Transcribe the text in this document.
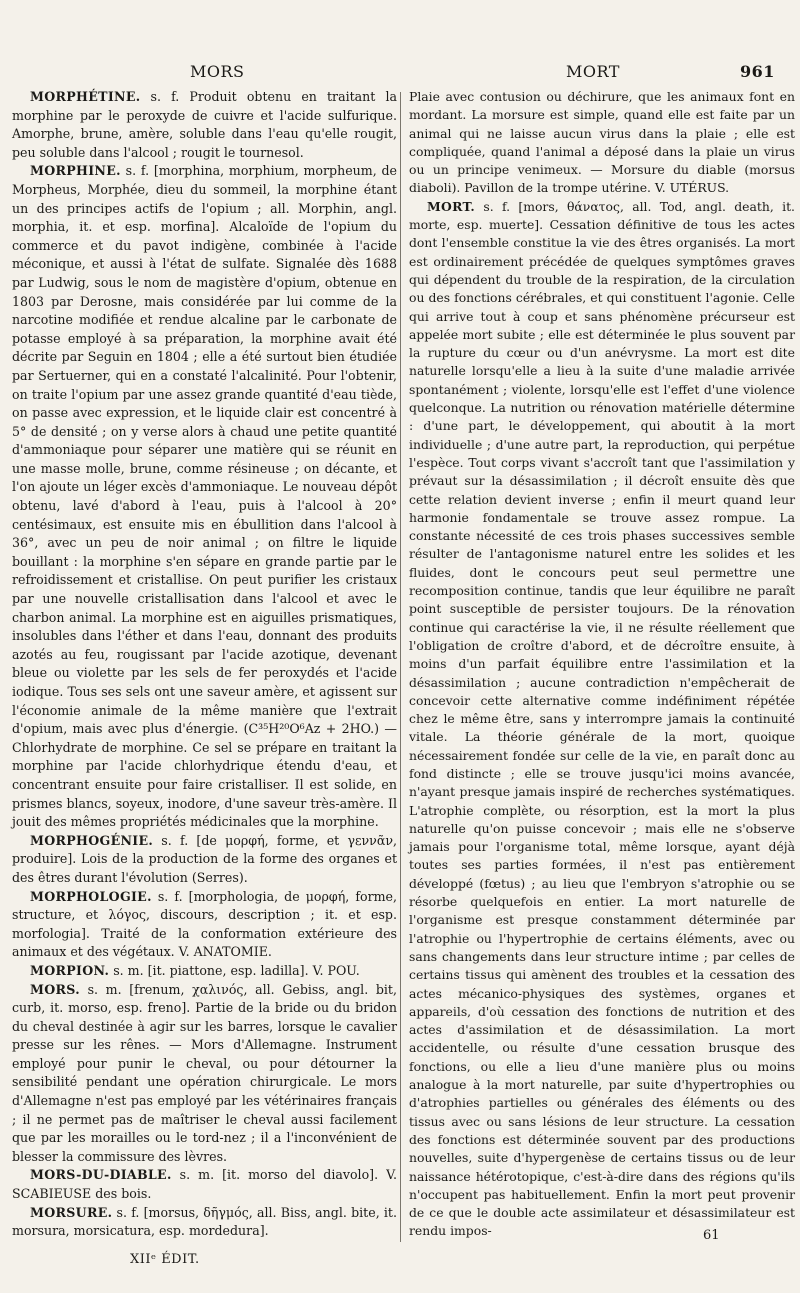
MORS	MORT	961

MORPHÉTINE. s. f. Produit obtenu en traitant la morphine par le peroxyde de cuivre et l'acide sulfurique. Amorphe, brune, amère, soluble dans l'eau qu'elle rougit, peu soluble dans l'alcool ; rougit le tournesol.

MORPHINE. s. f. [morphina, morphium, morpheum, de Morpheus, Morphée, dieu du sommeil, la morphine étant un des principes actifs de l'opium ; all. Morphin, angl. morphia, it. et esp. morfina]. Alcaloïde de l'opium du commerce et du pavot indigène, combinée à l'acide méconique, et aussi à l'état de sulfate. Signalée dès 1688 par Ludwig, sous le nom de magistère d'opium, obtenue en 1803 par Derosne, mais considérée par lui comme de la narcotine modifiée et rendue alcaline par le carbonate de potasse employé à sa préparation, la morphine avait été décrite par Seguin en 1804 ; elle a été surtout bien étudiée par Sertuerner, qui en a constaté l'alcalinité. Pour l'obtenir, on traite l'opium par une assez grande quantité d'eau tiède, on passe avec expression, et le liquide clair est concentré à 5° de densité ; on y verse alors à chaud une petite quantité d'ammoniaque pour séparer une matière qui se réunit en une masse molle, brune, comme résineuse ; on décante, et l'on ajoute un léger excès d'ammoniaque. Le nouveau dépôt obtenu, lavé d'abord à l'eau, puis à l'alcool à 20° centésimaux, est ensuite mis en ébullition dans l'alcool à 36°, avec un peu de noir animal ; on filtre le liquide bouillant : la morphine s'en sépare en grande partie par le refroidissement et cristallise. On peut purifier les cristaux par une nouvelle cristallisation dans l'alcool et avec le charbon animal. La morphine est en aiguilles prismatiques, insolubles dans l'éther et dans l'eau, donnant des produits azotés au feu, rougissant par l'acide azotique, devenant bleue ou violette par les sels de fer peroxydés et l'acide iodique. Tous ses sels ont une saveur amère, et agissent sur l'économie animale de la même manière que l'extrait d'opium, mais avec plus d'énergie. (C³⁵H²⁰O⁶Az + 2HO.) — Chlorhydrate de morphine. Ce sel se prépare en traitant la morphine par l'acide chlorhydrique étendu d'eau, et concentrant ensuite pour faire cristalliser. Il est solide, en prismes blancs, soyeux, inodore, d'une saveur très-amère. Il jouit des mêmes propriétés médicinales que la morphine.

MORPHOGÉNIE. s. f. [de μορφή, forme, et γεννᾶν, produire]. Lois de la production de la forme des organes et des êtres durant l'évolution (Serres).

MORPHOLOGIE. s. f. [morphologia, de μορφή, forme, structure, et λόγος, discours, description ; it. et esp. morfologia]. Traité de la conformation extérieure des animaux et des végétaux. V. ANATOMIE.

MORPION. s. m. [it. piattone, esp. ladilla]. V. POU.

MORS. s. m. [frenum, χαλινός, all. Gebiss, angl. bit, curb, it. morso, esp. freno]. Partie de la bride ou du bridon du cheval destinée à agir sur les barres, lorsque le cavalier presse sur les rênes. — Mors d'Allemagne. Instrument employé pour punir le cheval, ou pour détourner la sensibilité pendant une opération chirurgicale. Le mors d'Allemagne n'est pas employé par les vétérinaires français ; il ne permet pas de maîtriser le cheval aussi facilement que par les morailles ou le tord-nez ; il a l'inconvénient de blesser la commissure des lèvres.

MORS-DU-DIABLE. s. m. [it. morso del diavolo]. V. SCABIEUSE des bois.

MORSURE. s. f. [morsus, δῆγμός, all. Biss, angl. bite, it. morsura, morsicatura, esp. mordedura].

Plaie avec contusion ou déchirure, que les animaux font en mordant. La morsure est simple, quand elle est faite par un animal qui ne laisse aucun virus dans la plaie ; elle est compliquée, quand l'animal a déposé dans la plaie un virus ou un principe venimeux. — Morsure du diable (morsus diaboli). Pavillon de la trompe utérine. V. UTÉRUS.

MORT. s. f. [mors, θάνατος, all. Tod, angl. death, it. morte, esp. muerte]. Cessation définitive de tous les actes dont l'ensemble constitue la vie des êtres organisés. La mort est ordinairement précédée de quelques symptômes graves qui dépendent du trouble de la respiration, de la circulation ou des fonctions cérébrales, et qui constituent l'agonie. Celle qui arrive tout à coup et sans phénomène précurseur est appelée mort subite ; elle est déterminée le plus souvent par la rupture du cœur ou d'un anévrysme. La mort est dite naturelle lorsqu'elle a lieu à la suite d'une maladie arrivée spontanément ; violente, lorsqu'elle est l'effet d'une violence quelconque. La nutrition ou rénovation matérielle détermine : d'une part, le développement, qui aboutit à la mort individuelle ; d'une autre part, la reproduction, qui perpétue l'espèce. Tout corps vivant s'accroît tant que l'assimilation y prévaut sur la désassimilation ; il décroît ensuite dès que cette relation devient inverse ; enfin il meurt quand leur harmonie fondamentale se trouve assez rompue. La constante nécessité de ces trois phases successives semble résulter de l'antagonisme naturel entre les solides et les fluides, dont le concours peut seul permettre une recomposition continue, tandis que leur équilibre ne paraît point susceptible de persister toujours. De la rénovation continue qui caractérise la vie, il ne résulte réellement que l'obligation de croître d'abord, et de décroître ensuite, à moins d'un parfait équilibre entre l'assimilation et la désassimilation ; aucune contradiction n'empêcherait de concevoir cette alternative comme indéfiniment répétée chez le même être, sans y interrompre jamais la continuité vitale. La théorie générale de la mort, quoique nécessairement fondée sur celle de la vie, en paraît donc au fond distincte ; elle se trouve jusqu'ici moins avancée, n'ayant presque jamais inspiré de recherches systématiques. L'atrophie complète, ou résorption, est la mort la plus naturelle qu'on puisse concevoir ; mais elle ne s'observe jamais pour l'organisme total, même lorsque, ayant déjà toutes ses parties formées, il n'est pas entièrement développé (fœtus) ; au lieu que l'embryon s'atrophie ou se résorbe quelquefois en entier. La mort naturelle de l'organisme est presque constamment déterminée par l'atrophie ou l'hypertrophie de certains éléments, avec ou sans changements dans leur structure intime ; par celles de certains tissus qui amènent des troubles et la cessation des actes mécanico-physiques des systèmes, organes et appareils, d'où cessation des fonctions de nutrition et des actes d'assimilation et de désassimilation. La mort accidentelle, ou résulte d'une cessation brusque des fonctions, ou elle a lieu d'une manière plus ou moins analogue à la mort naturelle, par suite d'hypertrophies ou d'atrophies partielles ou générales des éléments ou des tissus avec ou sans lésions de leur structure. La cessation des fonctions est déterminée souvent par des productions nouvelles, suite d'hypergenèse de certains tissus ou de leur naissance hétérotopique, c'est-à-dire dans des régions qu'ils n'occupent pas habituellement. Enfin la mort peut provenir de ce que le double acte assimilateur et désassimilateur est rendu impos-

XIIᵉ ÉDIT.
61
